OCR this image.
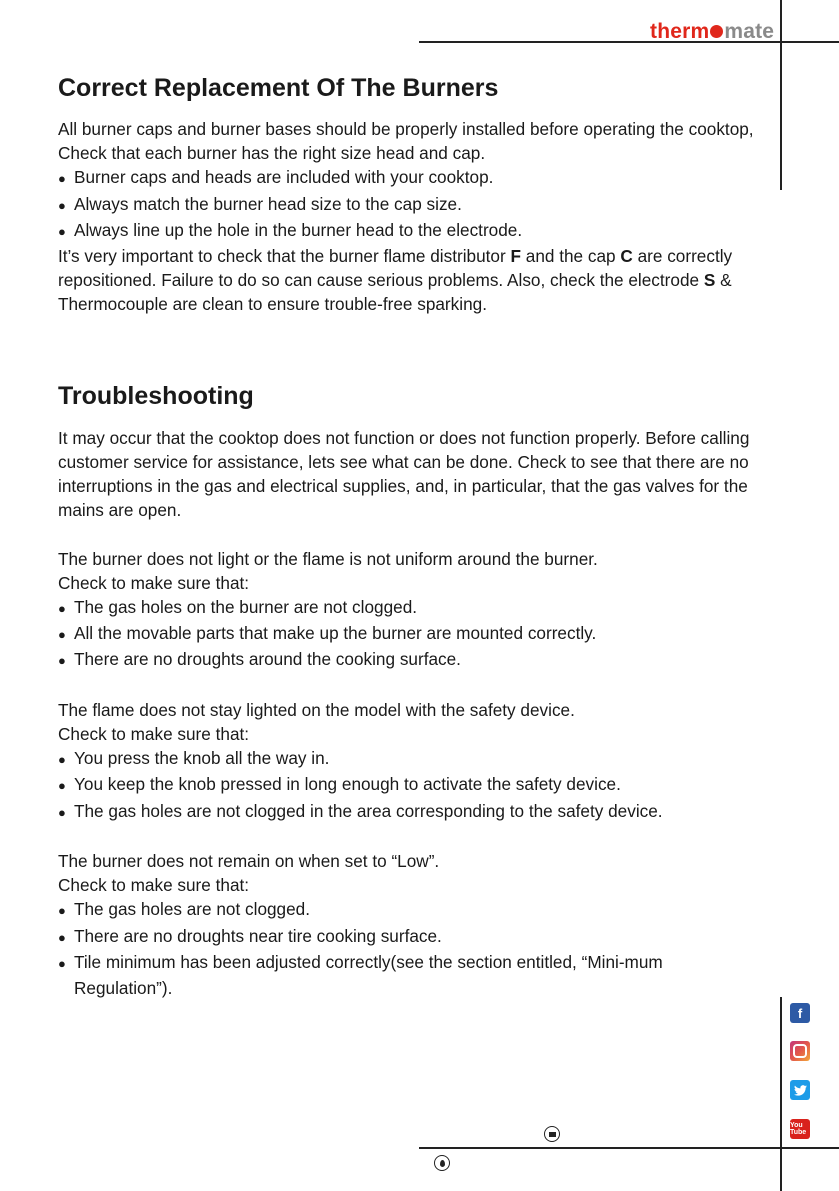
therm mate
Correct Replacement Of The Burners

All burner caps and burner bases should be properly installed before operating the cooktop, Check that each burner has the right size head and cap.

● Burner caps and heads are included with your cooktop.
● Always match the burner head size to the cap size.
● Always line up the hole in the burner head to the electrode.

It’s very important to check that the burner flame distributor F and the cap C are correctly repositioned. Failure to do so can cause serious problems. Also, check the electrode S & Thermocouple are clean to ensure trouble-free sparking.

Troubleshooting

It may occur that the cooktop does not function or does not function properly. Before calling customer service for assistance, lets see what can be done. Check to see that there are no interruptions in the gas and electrical supplies, and, in particular, that the gas valves for the mains are open.

The burner does not light or the flame is not uniform around the burner.

Check to make sure that:

● The gas holes on the burner are not clogged.
● All the movable parts that make up the burner are mounted correctly.
● There are no droughts around the cooking surface.

The flame does not stay lighted on the model with the safety device.

Check to make sure that:

● You press the knob all the way in.
● You keep the knob pressed in long enough to activate the safety device.
● The gas holes are not clogged in the area corresponding to the safety device.

The burner does not remain on when set to “Low”.

Check to make sure that:

● The gas holes are not clogged.
● There are no droughts near tire cooking surface.
● Tile minimum has been adjusted correctly(see the section entitled, “Mini-mum Regulation”).
f
You Tube
